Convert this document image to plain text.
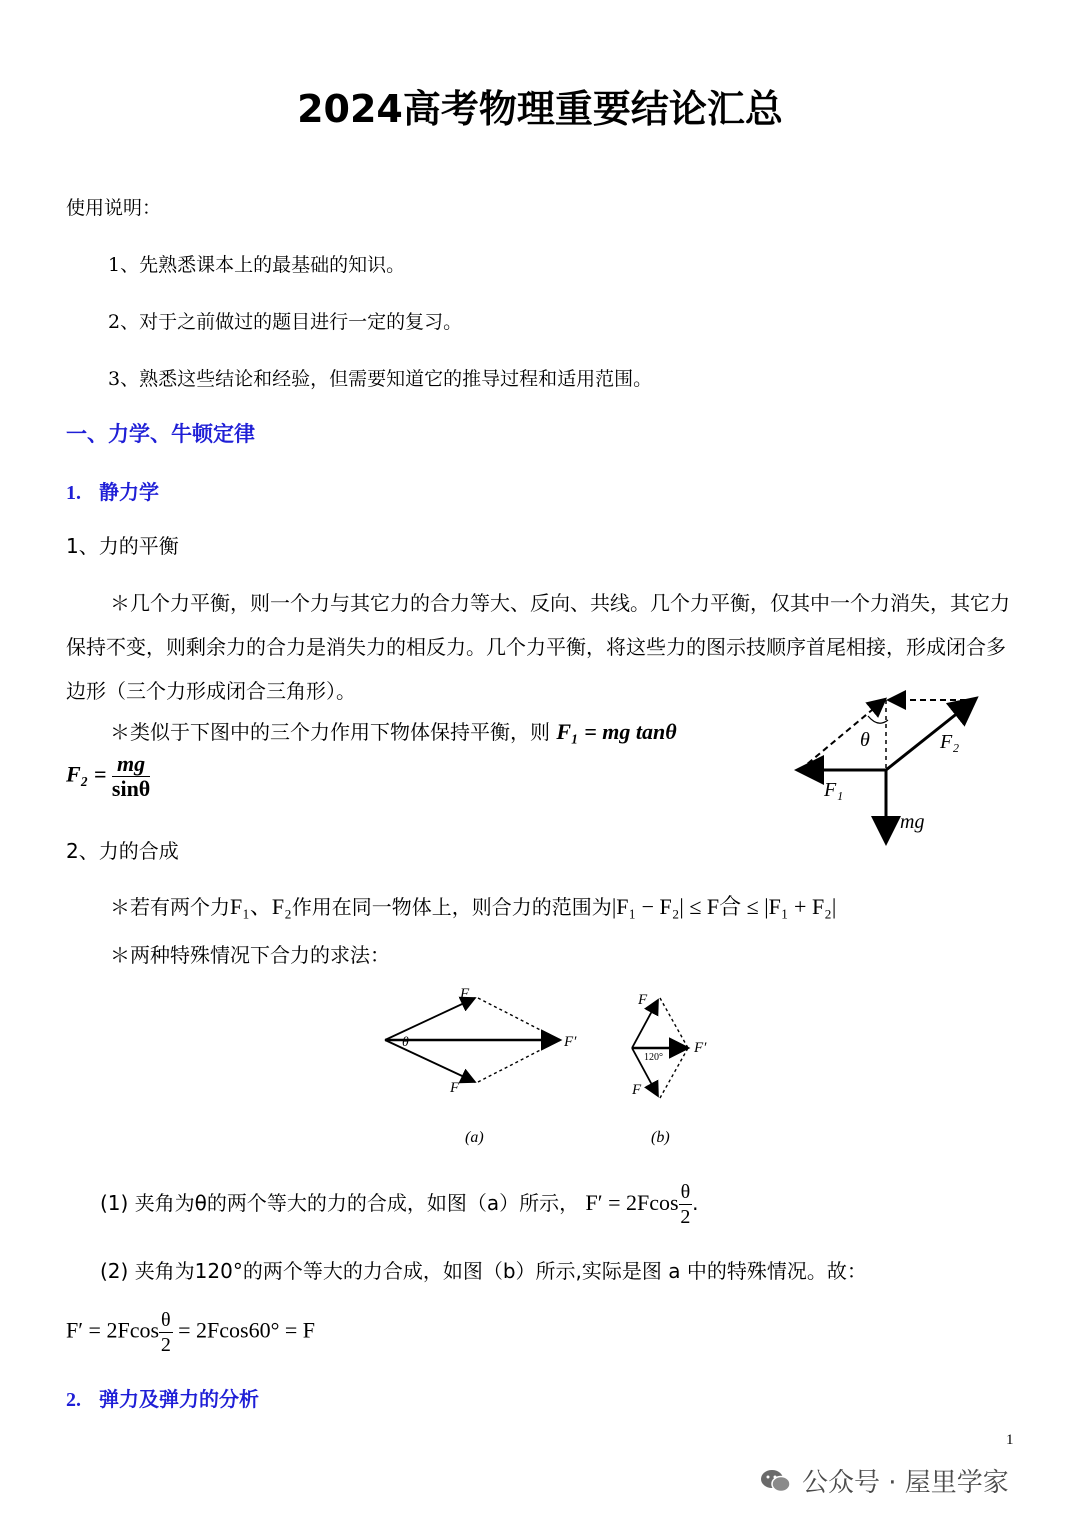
2024高考物理重要结论汇总
使用说明：
1、先熟悉课本上的最基础的知识。
2、对于之前做过的题目进行一定的复习。
3、熟悉这些结论和经验，但需要知道它的推导过程和适用范围。
一、力学、牛顿定律
1. 静力学
1、力的平衡
＊几个力平衡，则一个力与其它力的合力等大、反向、共线。几个力平衡，仅其中一个力消失，其它力保持不变，则剩余力的合力是消失力的相反力。几个力平衡，将这些力的图示技顺序首尾相接，形成闭合多边形（三个力形成闭合三角形）。
＊类似于下图中的三个力作用下物体保持平衡，则 F₁ = mg tanθ
$F_2 = \frac{mg}{\sin\theta}$
θ	F₂
F₁
mg
2、力的合成
＊若有两个力F₁、F₂作用在同一物体上，则合力的范围为|F₁ − F₂| ≤ F合 ≤ |F₁ + F₂|
＊两种特殊情况下合力的求法：
F
F
F′
θ
(a)
F
F
F′
120°
(b)
(1) 夹角为θ的两个等大的力的合成，如图（a）所示， $F' = 2Fcos \frac{\theta}{2}$ .
(2) 夹角为120°的两个等大的力合成，如图（b）所示,实际是图 a 中的特殊情况。故：
$F' = 2Fcos \frac{\theta}{2} = 2Fcos60^\circ = F$
2. 弹力及弹力的分析
1
公众号 · 屋里学家
